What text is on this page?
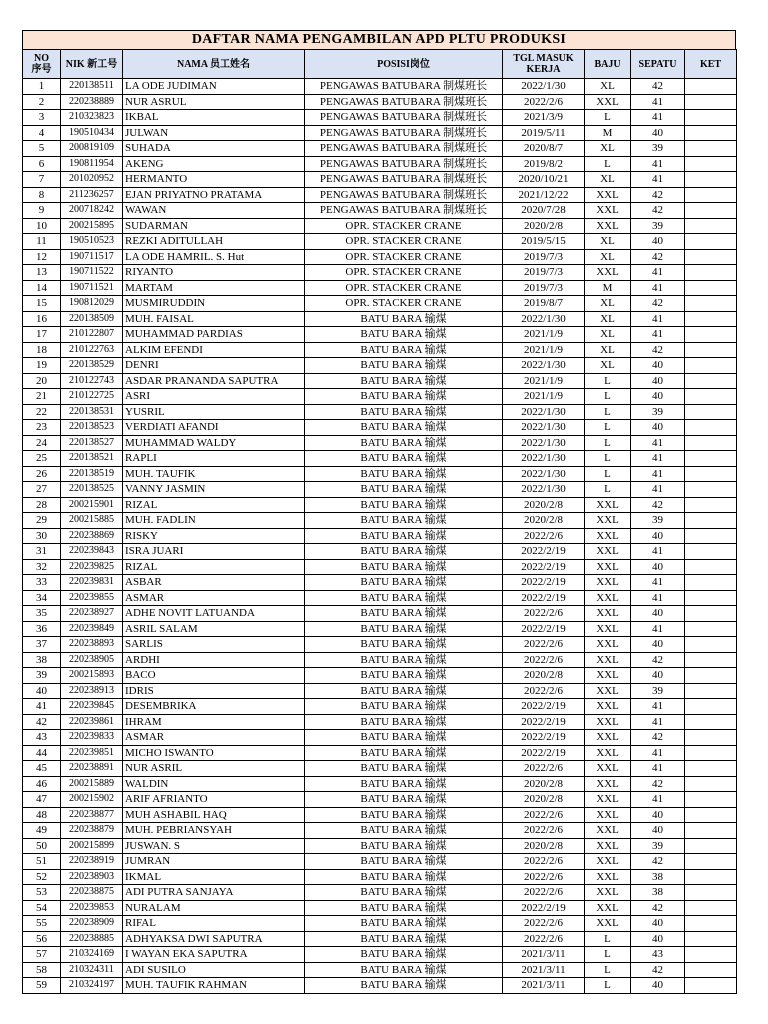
DAFTAR NAMA PENGAMBILAN APD PLTU PRODUKSI
NO
序号	NIK 新工号	NAMA 员工姓名	POSISI岗位	TGL MASUK
KERJA	BAJU	SEPATU	KET
1	220138511	LA ODE JUDIMAN	PENGAWAS BATUBARA 制煤班长	2022/1/30	XL	42	
2	220238889	NUR ASRUL	PENGAWAS BATUBARA 制煤班长	2022/2/6	XXL	41	
3	210323823	IKBAL	PENGAWAS BATUBARA 制煤班长	2021/3/9	L	41	
4	190510434	JULWAN	PENGAWAS BATUBARA 制煤班长	2019/5/11	M	40	
5	200819109	SUHADA	PENGAWAS BATUBARA 制煤班长	2020/8/7	XL	39	
6	190811954	AKENG	PENGAWAS BATUBARA 制煤班长	2019/8/2	L	41	
7	201020952	HERMANTO	PENGAWAS BATUBARA 制煤班长	2020/10/21	XL	41	
8	211236257	EJAN PRIYATNO PRATAMA	PENGAWAS BATUBARA 制煤班长	2021/12/22	XXL	42	
9	200718242	WAWAN	PENGAWAS BATUBARA 制煤班长	2020/7/28	XXL	42	
10	200215895	SUDARMAN	OPR. STACKER CRANE	2020/2/8	XXL	39	
11	190510523	REZKI ADITULLAH	OPR. STACKER CRANE	2019/5/15	XL	40	
12	190711517	LA ODE HAMRIL. S. Hut	OPR. STACKER CRANE	2019/7/3	XL	42	
13	190711522	RIYANTO	OPR. STACKER CRANE	2019/7/3	XXL	41	
14	190711521	MARTAM	OPR. STACKER CRANE	2019/7/3	M	41	
15	190812029	MUSMIRUDDIN	OPR. STACKER CRANE	2019/8/7	XL	42	
16	220138509	MUH. FAISAL	BATU BARA 输煤	2022/1/30	XL	41	
17	210122807	MUHAMMAD PARDIAS	BATU BARA 输煤	2021/1/9	XL	41	
18	210122763	ALKIM EFENDI	BATU BARA 输煤	2021/1/9	XL	42	
19	220138529	DENRI	BATU BARA 输煤	2022/1/30	XL	40	
20	210122743	ASDAR PRANANDA SAPUTRA	BATU BARA 输煤	2021/1/9	L	40	
21	210122725	ASRI	BATU BARA 输煤	2021/1/9	L	40	
22	220138531	YUSRIL	BATU BARA 输煤	2022/1/30	L	39	
23	220138523	VERDIATI AFANDI	BATU BARA 输煤	2022/1/30	L	40	
24	220138527	MUHAMMAD WALDY	BATU BARA 输煤	2022/1/30	L	41	
25	220138521	RAPLI	BATU BARA 输煤	2022/1/30	L	41	
26	220138519	MUH. TAUFIK	BATU BARA 输煤	2022/1/30	L	41	
27	220138525	VANNY JASMIN	BATU BARA 输煤	2022/1/30	L	41	
28	200215901	RIZAL	BATU BARA 输煤	2020/2/8	XXL	42	
29	200215885	MUH. FADLIN	BATU BARA 输煤	2020/2/8	XXL	39	
30	220238869	RISKY	BATU BARA 输煤	2022/2/6	XXL	40	
31	220239843	ISRA JUARI	BATU BARA 输煤	2022/2/19	XXL	41	
32	220239825	RIZAL	BATU BARA 输煤	2022/2/19	XXL	40	
33	220239831	ASBAR	BATU BARA 输煤	2022/2/19	XXL	41	
34	220239855	ASMAR	BATU BARA 输煤	2022/2/19	XXL	41	
35	220238927	ADHE NOVIT LATUANDA	BATU BARA 输煤	2022/2/6	XXL	40	
36	220239849	ASRIL SALAM	BATU BARA 输煤	2022/2/19	XXL	41	
37	220238893	SARLIS	BATU BARA 输煤	2022/2/6	XXL	40	
38	220238905	ARDHI	BATU BARA 输煤	2022/2/6	XXL	42	
39	200215893	BACO	BATU BARA 输煤	2020/2/8	XXL	40	
40	220238913	IDRIS	BATU BARA 输煤	2022/2/6	XXL	39	
41	220239845	DESEMBRIKA	BATU BARA 输煤	2022/2/19	XXL	41	
42	220239861	IHRAM	BATU BARA 输煤	2022/2/19	XXL	41	
43	220239833	ASMAR	BATU BARA 输煤	2022/2/19	XXL	42	
44	220239851	MICHO ISWANTO	BATU BARA 输煤	2022/2/19	XXL	41	
45	220238891	NUR ASRIL	BATU BARA 输煤	2022/2/6	XXL	41	
46	200215889	WALDIN	BATU BARA 输煤	2020/2/8	XXL	42	
47	200215902	ARIF AFRIANTO	BATU BARA 输煤	2020/2/8	XXL	41	
48	220238877	MUH ASHABIL HAQ	BATU BARA 输煤	2022/2/6	XXL	40	
49	220238879	MUH. PEBRIANSYAH	BATU BARA 输煤	2022/2/6	XXL	40	
50	200215899	JUSWAN. S	BATU BARA 输煤	2020/2/8	XXL	39	
51	220238919	JUMRAN	BATU BARA 输煤	2022/2/6	XXL	42	
52	220238903	IKMAL	BATU BARA 输煤	2022/2/6	XXL	38	
53	220238875	ADI PUTRA SANJAYA	BATU BARA 输煤	2022/2/6	XXL	38	
54	220239853	NURALAM	BATU BARA 输煤	2022/2/19	XXL	42	
55	220238909	RIFAL	BATU BARA 输煤	2022/2/6	XXL	40	
56	220238885	ADHYAKSA DWI SAPUTRA	BATU BARA 输煤	2022/2/6	L	40	
57	210324169	I WAYAN EKA SAPUTRA	BATU BARA 输煤	2021/3/11	L	43	
58	210324311	ADI SUSILO	BATU BARA 输煤	2021/3/11	L	42	
59	210324197	MUH. TAUFIK RAHMAN	BATU BARA 输煤	2021/3/11	L	40	
